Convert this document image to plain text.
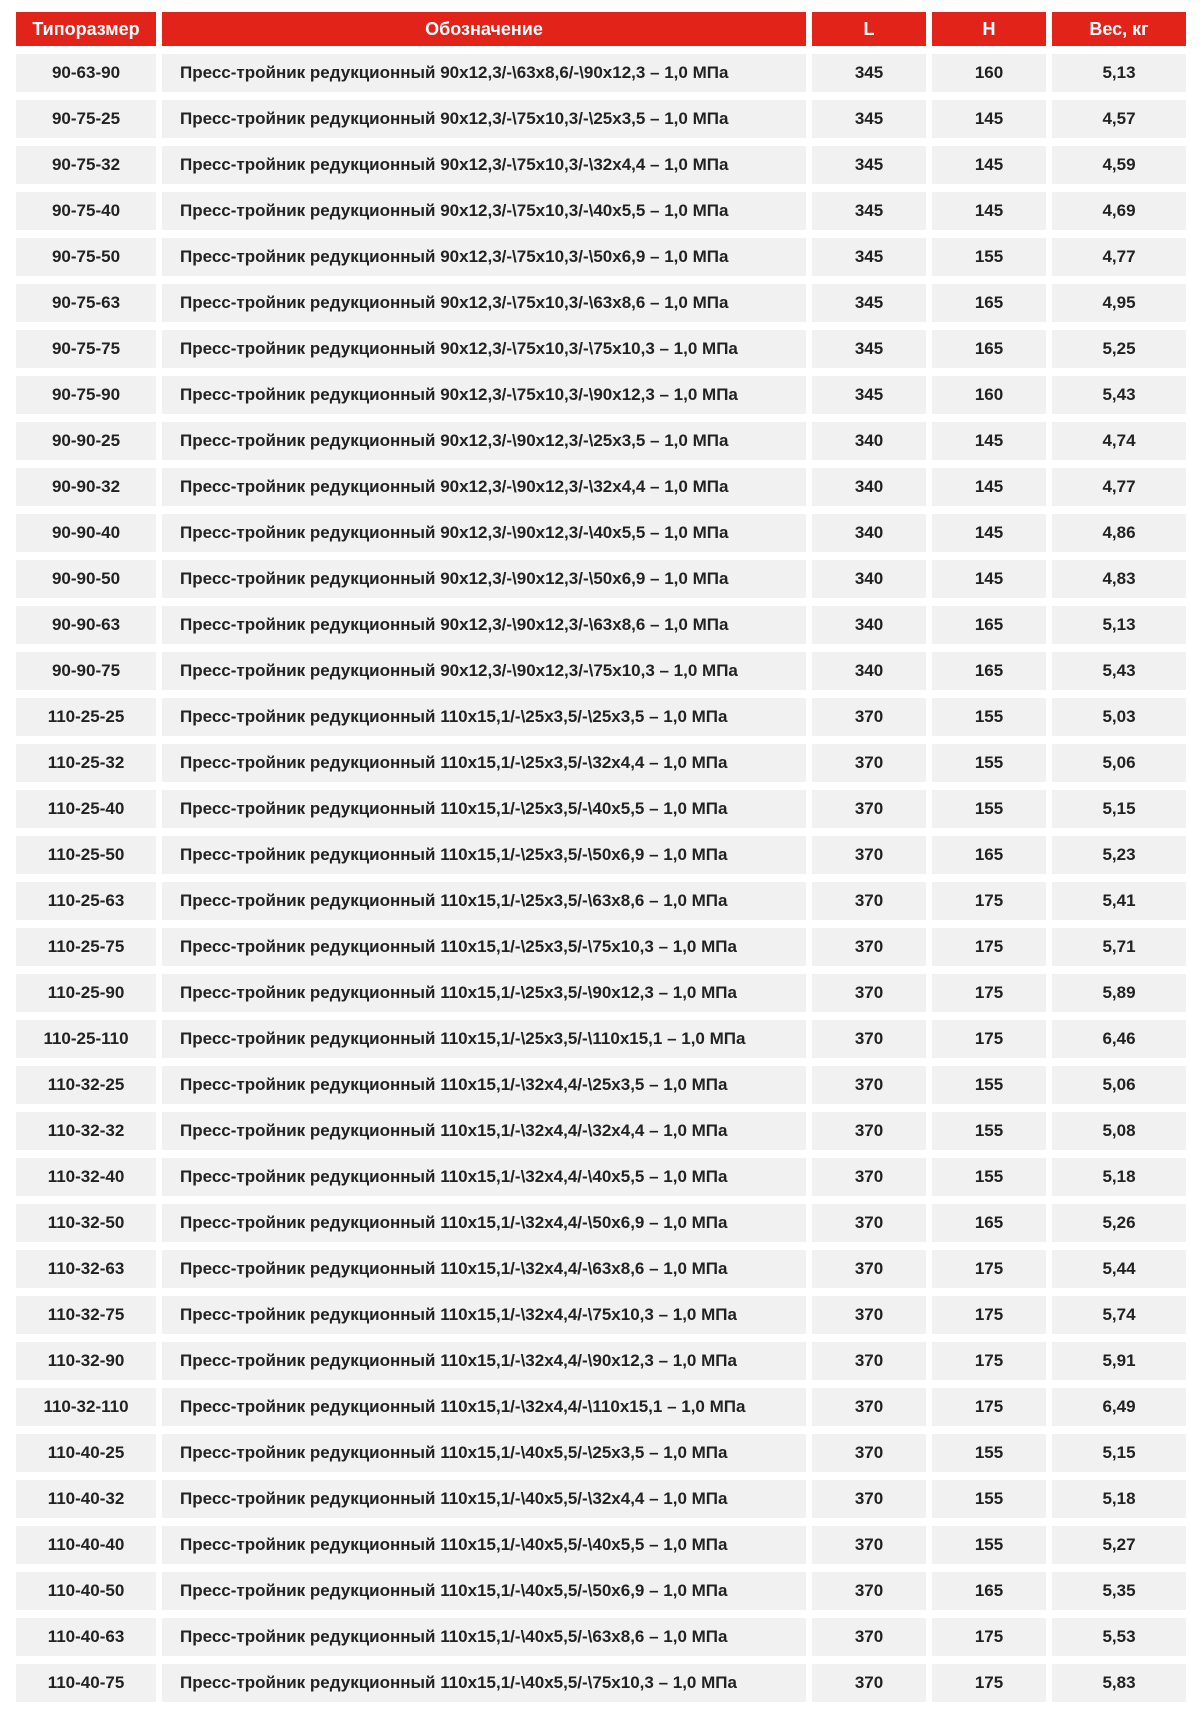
Типоразмер	Обозначение	L	H	Вес, кг
90-63-90	Пресс-тройник редукционный 90х12,3/-\63х8,6/-\90х12,3 – 1,0 МПа	345	160	5,13
90-75-25	Пресс-тройник редукционный 90х12,3/-\75х10,3/-\25х3,5 – 1,0 МПа	345	145	4,57
90-75-32	Пресс-тройник редукционный 90х12,3/-\75х10,3/-\32х4,4 – 1,0 МПа	345	145	4,59
90-75-40	Пресс-тройник редукционный 90х12,3/-\75х10,3/-\40х5,5 – 1,0 МПа	345	145	4,69
90-75-50	Пресс-тройник редукционный 90х12,3/-\75х10,3/-\50х6,9 – 1,0 МПа	345	155	4,77
90-75-63	Пресс-тройник редукционный 90х12,3/-\75х10,3/-\63х8,6 – 1,0 МПа	345	165	4,95
90-75-75	Пресс-тройник редукционный 90х12,3/-\75х10,3/-\75х10,3 – 1,0 МПа	345	165	5,25
90-75-90	Пресс-тройник редукционный 90х12,3/-\75х10,3/-\90х12,3 – 1,0 МПа	345	160	5,43
90-90-25	Пресс-тройник редукционный 90х12,3/-\90х12,3/-\25х3,5 – 1,0 МПа	340	145	4,74
90-90-32	Пресс-тройник редукционный 90х12,3/-\90х12,3/-\32х4,4 – 1,0 МПа	340	145	4,77
90-90-40	Пресс-тройник редукционный 90х12,3/-\90х12,3/-\40х5,5 – 1,0 МПа	340	145	4,86
90-90-50	Пресс-тройник редукционный 90х12,3/-\90х12,3/-\50х6,9 – 1,0 МПа	340	145	4,83
90-90-63	Пресс-тройник редукционный 90х12,3/-\90х12,3/-\63х8,6 – 1,0 МПа	340	165	5,13
90-90-75	Пресс-тройник редукционный 90х12,3/-\90х12,3/-\75х10,3 – 1,0 МПа	340	165	5,43
110-25-25	Пресс-тройник редукционный 110х15,1/-\25х3,5/-\25х3,5 – 1,0 МПа	370	155	5,03
110-25-32	Пресс-тройник редукционный 110х15,1/-\25х3,5/-\32х4,4 – 1,0 МПа	370	155	5,06
110-25-40	Пресс-тройник редукционный 110х15,1/-\25х3,5/-\40х5,5 – 1,0 МПа	370	155	5,15
110-25-50	Пресс-тройник редукционный 110х15,1/-\25х3,5/-\50х6,9 – 1,0 МПа	370	165	5,23
110-25-63	Пресс-тройник редукционный 110х15,1/-\25х3,5/-\63х8,6 – 1,0 МПа	370	175	5,41
110-25-75	Пресс-тройник редукционный 110х15,1/-\25х3,5/-\75х10,3 – 1,0 МПа	370	175	5,71
110-25-90	Пресс-тройник редукционный 110х15,1/-\25х3,5/-\90х12,3 – 1,0 МПа	370	175	5,89
110-25-110	Пресс-тройник редукционный 110х15,1/-\25х3,5/-\110х15,1 – 1,0 МПа	370	175	6,46
110-32-25	Пресс-тройник редукционный 110х15,1/-\32х4,4/-\25х3,5 – 1,0 МПа	370	155	5,06
110-32-32	Пресс-тройник редукционный 110х15,1/-\32х4,4/-\32х4,4 – 1,0 МПа	370	155	5,08
110-32-40	Пресс-тройник редукционный 110х15,1/-\32х4,4/-\40х5,5 – 1,0 МПа	370	155	5,18
110-32-50	Пресс-тройник редукционный 110х15,1/-\32х4,4/-\50х6,9 – 1,0 МПа	370	165	5,26
110-32-63	Пресс-тройник редукционный 110х15,1/-\32х4,4/-\63х8,6 – 1,0 МПа	370	175	5,44
110-32-75	Пресс-тройник редукционный 110х15,1/-\32х4,4/-\75х10,3 – 1,0 МПа	370	175	5,74
110-32-90	Пресс-тройник редукционный 110х15,1/-\32х4,4/-\90х12,3 – 1,0 МПа	370	175	5,91
110-32-110	Пресс-тройник редукционный 110х15,1/-\32х4,4/-\110х15,1 – 1,0 МПа	370	175	6,49
110-40-25	Пресс-тройник редукционный 110х15,1/-\40х5,5/-\25х3,5 – 1,0 МПа	370	155	5,15
110-40-32	Пресс-тройник редукционный 110х15,1/-\40х5,5/-\32х4,4 – 1,0 МПа	370	155	5,18
110-40-40	Пресс-тройник редукционный 110х15,1/-\40х5,5/-\40х5,5 – 1,0 МПа	370	155	5,27
110-40-50	Пресс-тройник редукционный 110х15,1/-\40х5,5/-\50х6,9 – 1,0 МПа	370	165	5,35
110-40-63	Пресс-тройник редукционный 110х15,1/-\40х5,5/-\63х8,6 – 1,0 МПа	370	175	5,53
110-40-75	Пресс-тройник редукционный 110х15,1/-\40х5,5/-\75х10,3 – 1,0 МПа	370	175	5,83
